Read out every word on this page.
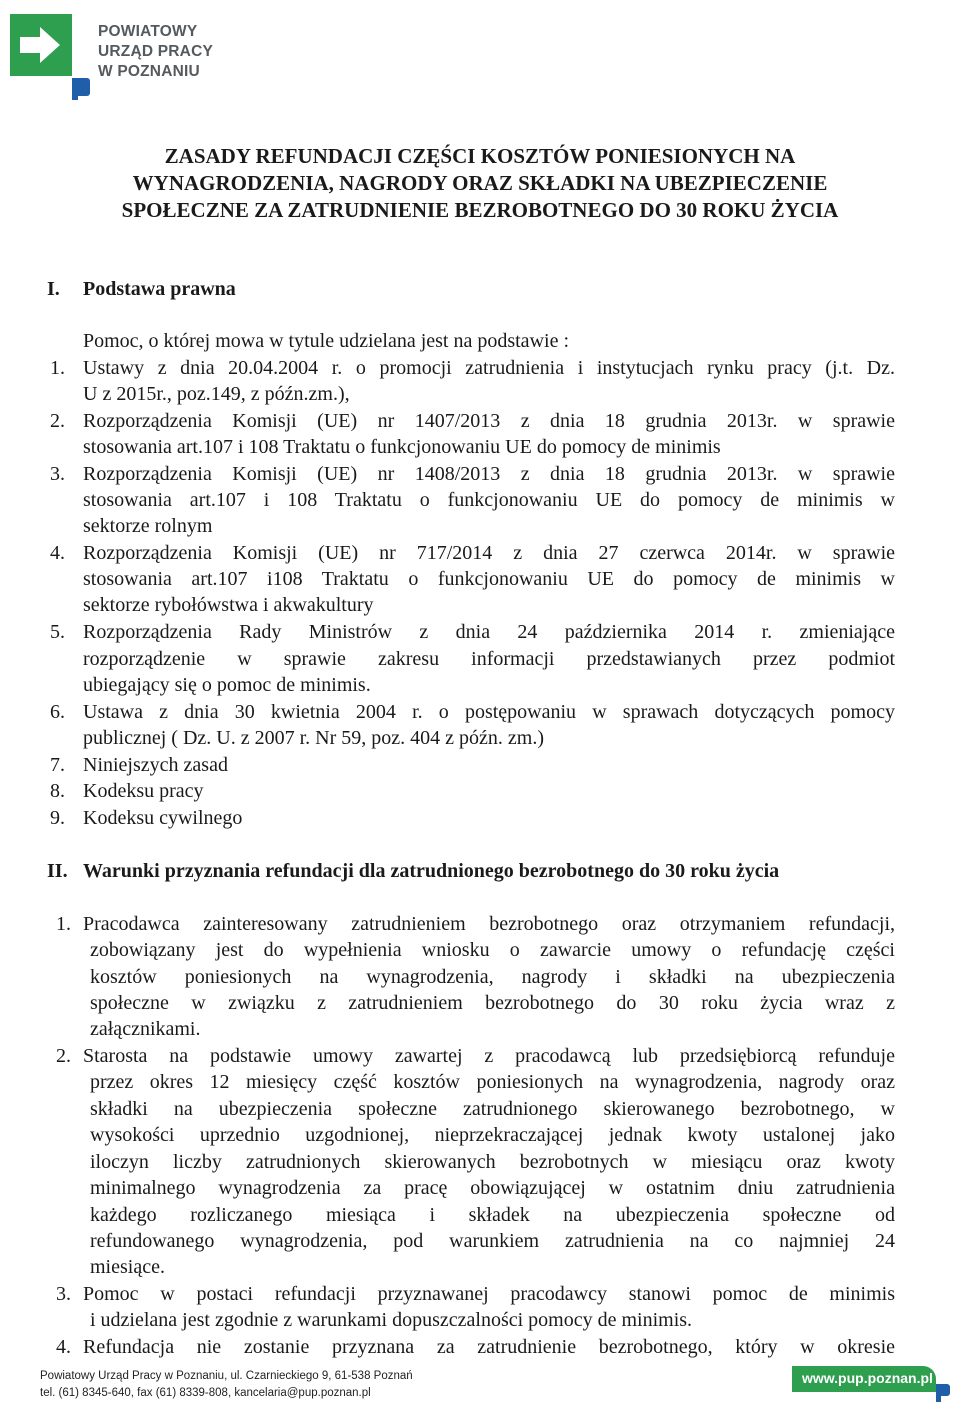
POWIATOWY
URZĄD PRACY
W POZNANIU
ZASADY REFUNDACJI CZĘŚCI KOSZTÓW PONIESIONYCH NA
WYNAGRODZENIA, NAGRODY ORAZ SKŁADKI NA UBEZPIECZENIE
SPOŁECZNE ZA ZATRUDNIENIE BEZROBOTNEGO DO 30 ROKU ŻYCIA
I. Podstawa prawna
Pomoc, o której mowa w tytule udzielana jest na podstawie :
1. Ustawy z dnia 20.04.2004 r. o promocji zatrudnienia i instytucjach rynku pracy (j.t. Dz.
U z 2015r., poz.149, z późn.zm.),
2. Rozporządzenia Komisji (UE) nr 1407/2013 z dnia 18 grudnia 2013r. w sprawie
stosowania art.107 i 108 Traktatu o funkcjonowaniu UE do pomocy de minimis
3. Rozporządzenia Komisji (UE) nr 1408/2013 z dnia 18 grudnia 2013r. w sprawie
stosowania art.107 i 108 Traktatu o funkcjonowaniu UE do pomocy de minimis w
sektorze rolnym
4. Rozporządzenia Komisji (UE) nr 717/2014 z dnia 27 czerwca 2014r. w sprawie
stosowania art.107 i108 Traktatu o funkcjonowaniu UE do pomocy de minimis w
sektorze rybołówstwa i akwakultury
5. Rozporządzenia Rady Ministrów z dnia 24 października 2014 r. zmieniające
rozporządzenie w sprawie zakresu informacji przedstawianych przez podmiot
ubiegający się o pomoc de minimis.
6. Ustawa z dnia 30 kwietnia 2004 r. o postępowaniu w sprawach dotyczących pomocy
publicznej ( Dz. U. z 2007 r. Nr 59, poz. 404 z późn. zm.)
7. Niniejszych zasad
8. Kodeksu pracy
9. Kodeksu cywilnego
II. Warunki przyznania refundacji dla zatrudnionego bezrobotnego do 30 roku życia
1. Pracodawca zainteresowany zatrudnieniem bezrobotnego oraz otrzymaniem refundacji,
zobowiązany jest do wypełnienia wniosku o zawarcie umowy o refundację części
kosztów poniesionych na wynagrodzenia, nagrody i składki na ubezpieczenia
społeczne w związku z zatrudnieniem bezrobotnego do 30 roku życia wraz z
załącznikami.
2. Starosta na podstawie umowy zawartej z pracodawcą lub przedsiębiorcą refunduje
przez okres 12 miesięcy część kosztów poniesionych na wynagrodzenia, nagrody oraz
składki na ubezpieczenia społeczne zatrudnionego skierowanego bezrobotnego, w
wysokości uprzednio uzgodnionej, nieprzekraczającej jednak kwoty ustalonej jako
iloczyn liczby zatrudnionych skierowanych bezrobotnych w miesiącu oraz kwoty
minimalnego wynagrodzenia za pracę obowiązującej w ostatnim dniu zatrudnienia
każdego rozliczanego miesiąca i składek na ubezpieczenia społeczne od
refundowanego wynagrodzenia, pod warunkiem zatrudnienia na co najmniej 24
miesiące.
3. Pomoc w postaci refundacji przyznawanej pracodawcy stanowi pomoc de minimis
i udzielana jest zgodnie z warunkami dopuszczalności pomocy de minimis.
4. Refundacja nie zostanie przyznana za zatrudnienie bezrobotnego, który w okresie
Powiatowy Urząd Pracy w Poznaniu, ul. Czarnieckiego 9, 61-538 Poznań
tel. (61) 8345-640, fax (61) 8339-808, kancelaria@pup.poznan.pl
www.pup.poznan.pl
